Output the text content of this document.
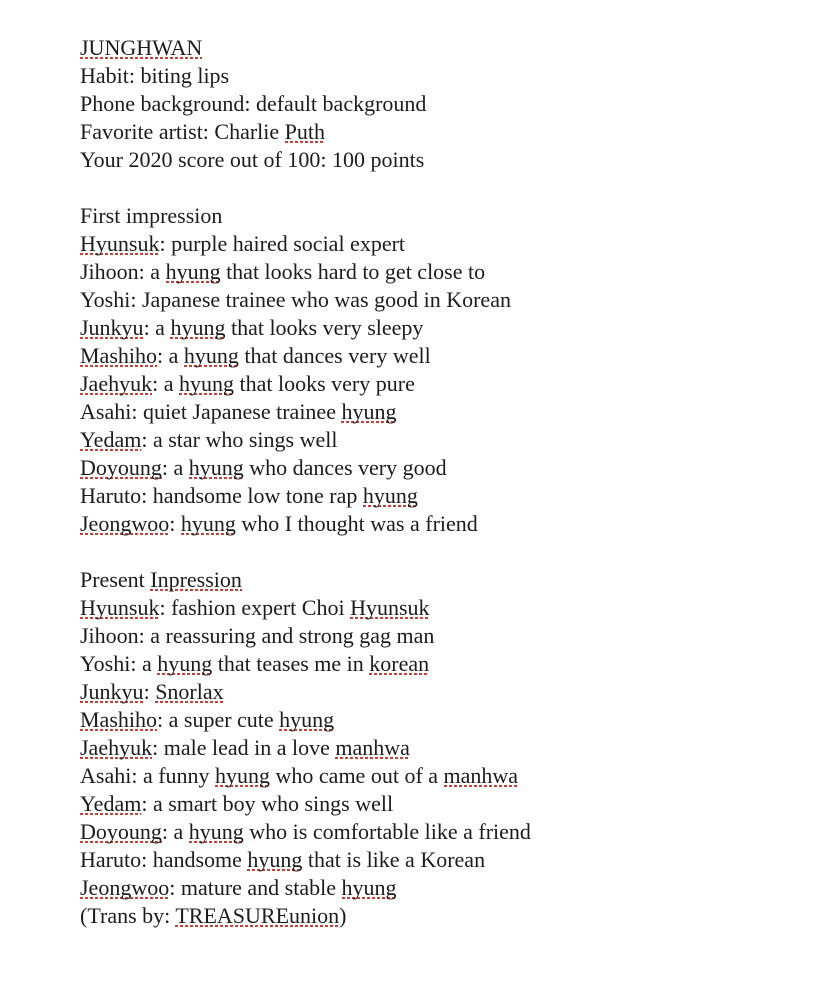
JUNGHWAN

Habit: biting lips

Phone background: default background

Favorite artist: Charlie Puth

Your 2020 score out of 100: 100 points

First impression

Hyunsuk: purple haired social expert

Jihoon: a hyung that looks hard to get close to

Yoshi: Japanese trainee who was good in Korean

Junkyu: a hyung that looks very sleepy

Mashiho: a hyung that dances very well

Jaehyuk: a hyung that looks very pure

Asahi: quiet Japanese trainee hyung

Yedam: a star who sings well

Doyoung: a hyung who dances very good

Haruto: handsome low tone rap hyung

Jeongwoo: hyung who I thought was a friend

Present Inpression

Hyunsuk: fashion expert Choi Hyunsuk

Jihoon: a reassuring and strong gag man

Yoshi: a hyung that teases me in korean

Junkyu: Snorlax

Mashiho: a super cute hyung

Jaehyuk: male lead in a love manhwa

Asahi: a funny hyung who came out of a manhwa

Yedam: a smart boy who sings well

Doyoung: a hyung who is comfortable like a friend

Haruto: handsome hyung that is like a Korean

Jeongwoo: mature and stable hyung

(Trans by: TREASUREunion)
